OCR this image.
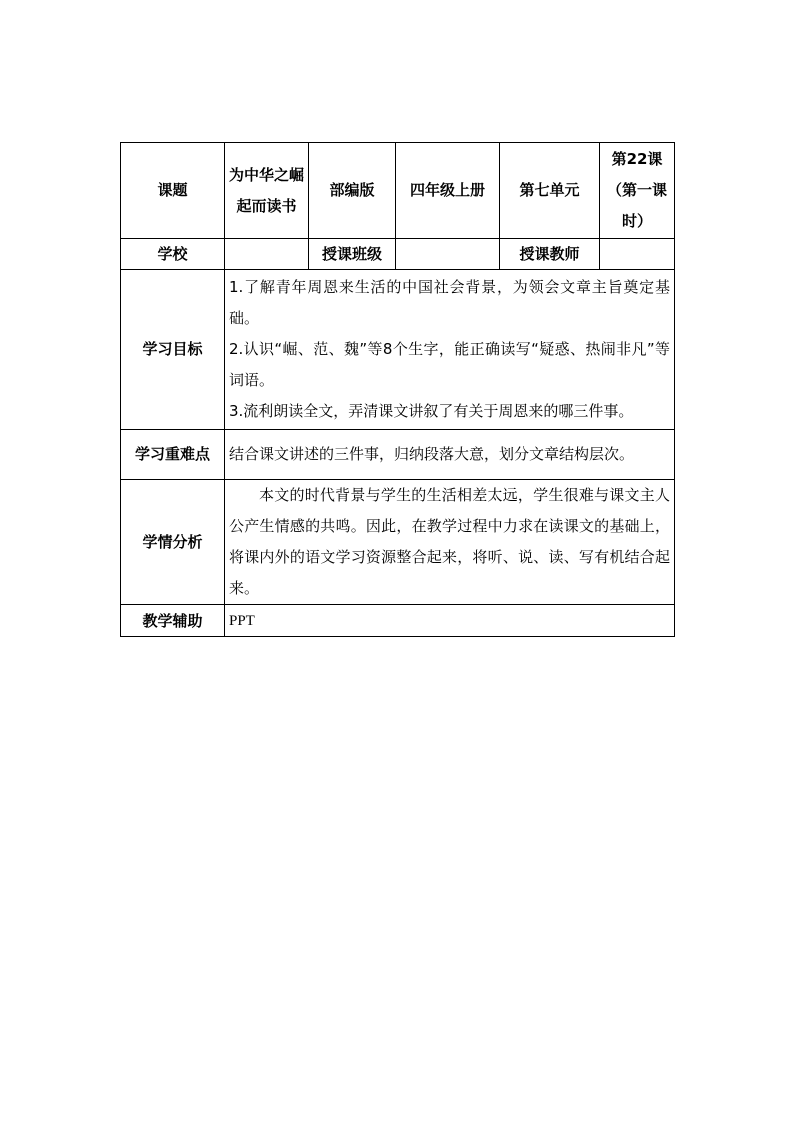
课题	为中华之崛起而读书	部编版	四年级上册	第七单元	第22课（第一课时）
学校		授课班级		授课教师	
学习目标	1.了解青年周恩来生活的中国社会背景，为领会文章主旨奠定基础。

2.认识“崛、范、魏”等8个生字，能正确读写“疑惑、热闹非凡”等词语。

3.流利朗读全文，弄清课文讲叙了有关于周恩来的哪三件事。				

学习重难点	结合课文讲述的三件事，归纳段落大意，划分文章结构层次。				
学情分析	本文的时代背景与学生的生活相差太远，学生很难与课文主人公产生情感的共鸣。因此，在教学过程中力求在读课文的基础上，将课内外的语文学习资源整合起来，将听、说、读、写有机结合起来。				

教学辅助	PPT				
